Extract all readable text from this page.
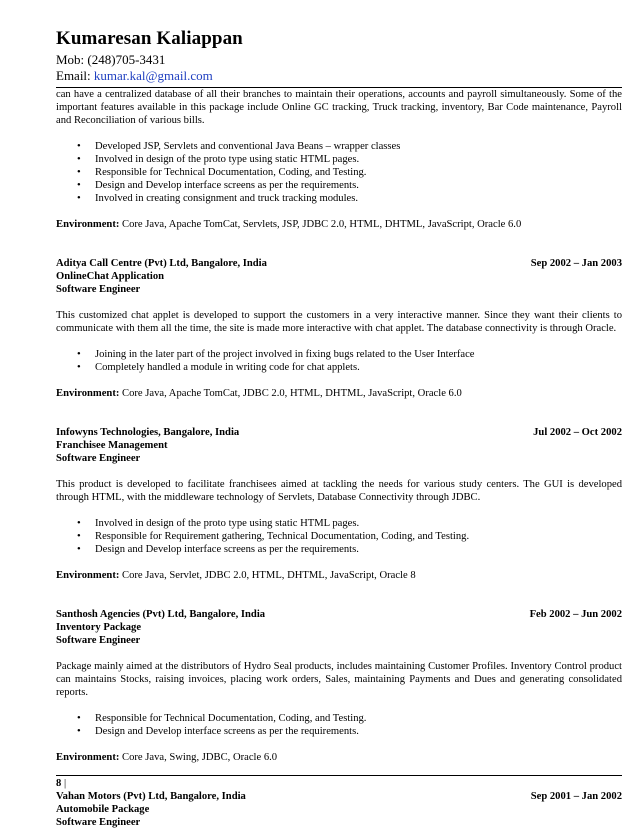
Kumaresan Kaliappan
Mob: (248)705-3431
Email: kumar.kal@gmail.com

can have a centralized database of all their branches to maintain their operations, accounts and payroll simultaneously. Some of the important features available in this package include Online GC tracking, Truck tracking, inventory, Bar Code maintenance, Payroll and Reconciliation of various bills.

• Developed JSP, Servlets and conventional Java Beans – wrapper classes
• Involved in design of the proto type using static HTML pages.
• Responsible for Technical Documentation, Coding, and Testing.
• Design and Develop interface screens as per the requirements.
• Involved in creating consignment and truck tracking modules.
Environment: Core Java, Apache TomCat, Servlets, JSP, JDBC 2.0, HTML, DHTML, JavaScript, Oracle 6.0
Aditya Call Centre (Pvt) Ltd, Bangalore, India	Sep 2002 – Jan 2003
OnlineChat Application
Software Engineer

This customized chat applet is developed to support the customers in a very interactive manner. Since they want their clients to communicate with them all the time, the site is made more interactive with chat applet. The database connectivity is through Oracle.

• Joining in the later part of the project involved in fixing bugs related to the User Interface
• Completely handled a module in writing code for chat applets.
Environment: Core Java, Apache TomCat, JDBC 2.0, HTML, DHTML, JavaScript, Oracle 6.0
Infowyns Technologies, Bangalore, India	Jul 2002 – Oct 2002
Franchisee Management
Software Engineer

This product is developed to facilitate franchisees aimed at tackling the needs for various study centers. The GUI is developed through HTML, with the middleware technology of Servlets, Database Connectivity through JDBC.

• Involved in design of the proto type using static HTML pages.
• Responsible for Requirement gathering, Technical Documentation, Coding, and Testing.
• Design and Develop interface screens as per the requirements.
Environment: Core Java, Servlet, JDBC 2.0, HTML, DHTML, JavaScript, Oracle 8
Santhosh Agencies (Pvt) Ltd, Bangalore, India	Feb 2002 – Jun 2002
Inventory Package
Software Engineer

Package mainly aimed at the distributors of Hydro Seal products, includes maintaining Customer Profiles. Inventory Control product can maintains Stocks, raising invoices, placing work orders, Sales, maintaining Payments and Dues and generating consolidated reports.

• Responsible for Technical Documentation, Coding, and Testing.
• Design and Develop interface screens as per the requirements.
Environment: Core Java, Swing, JDBC, Oracle 6.0
Vahan Motors (Pvt) Ltd, Bangalore, India	Sep 2001 – Jan 2002
Automobile Package
Software Engineer
8 |
